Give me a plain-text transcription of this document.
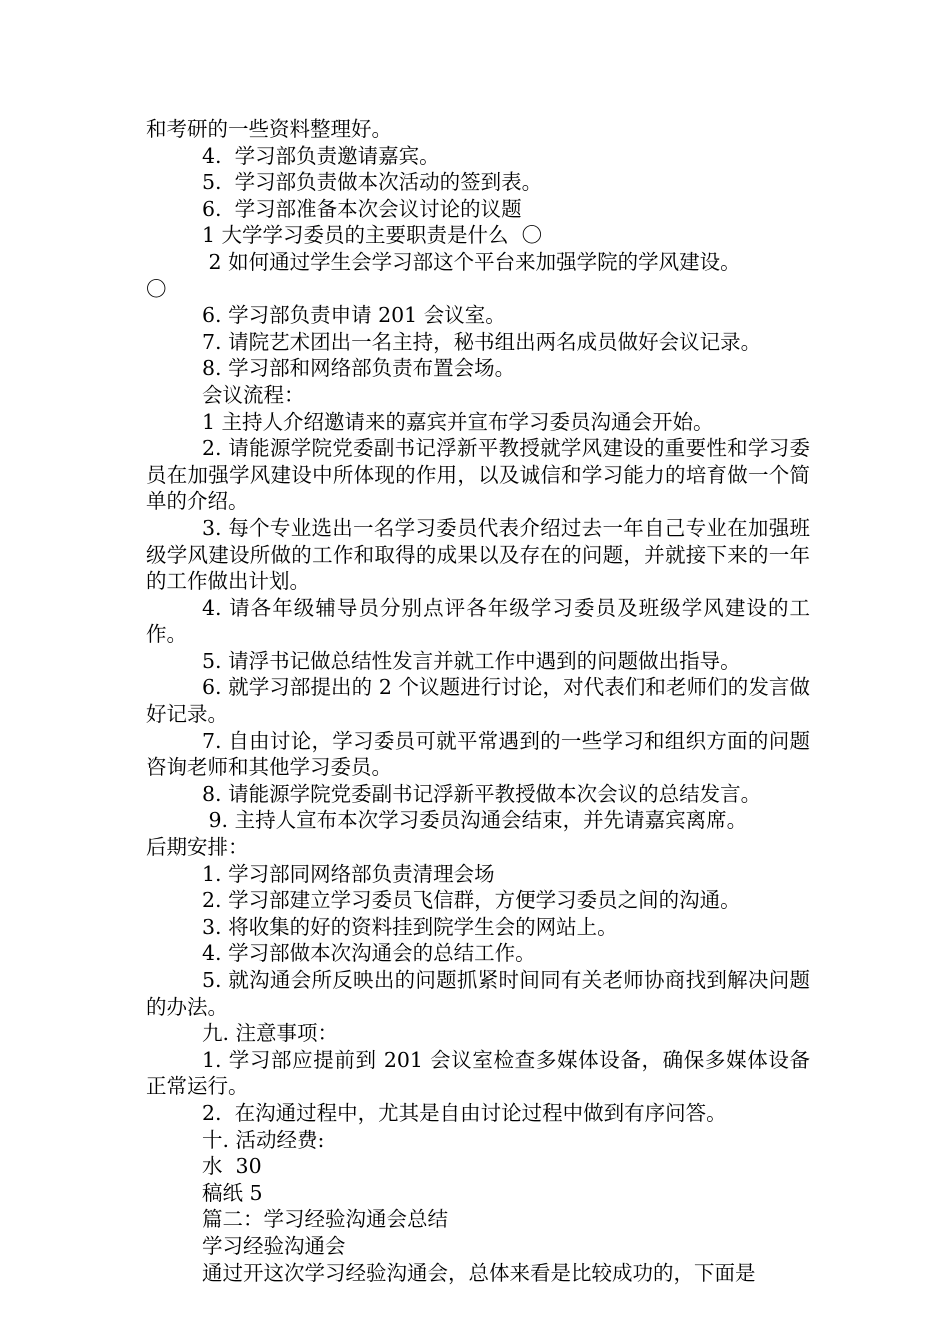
和考研的一些资料整理好。

4.  学习部负责邀请嘉宾。

5.  学习部负责做本次活动的签到表。

6.  学习部准备本次会议讨论的议题

1 大学学习委员的主要职责是什么  〇

2 如何通过学生会学习部这个平台来加强学院的学风建设。

〇

6. 学习部负责申请 201 会议室。

7. 请院艺术团出一名主持，秘书组出两名成员做好会议记录。

8. 学习部和网络部负责布置会场。

会议流程：

1 主持人介绍邀请来的嘉宾并宣布学习委员沟通会开始。

2. 请能源学院党委副书记浮新平教授就学风建设的重要性和学习委员在加强学风建设中所体现的作用，以及诚信和学习能力的培育做一个简单的介绍。

3. 每个专业选出一名学习委员代表介绍过去一年自己专业在加强班级学风建设所做的工作和取得的成果以及存在的问题，并就接下来的一年的工作做出计划。

4. 请各年级辅导员分别点评各年级学习委员及班级学风建设的工作。

5. 请浮书记做总结性发言并就工作中遇到的问题做出指导。

6. 就学习部提出的 2 个议题进行讨论，对代表们和老师们的发言做好记录。

7. 自由讨论，学习委员可就平常遇到的一些学习和组织方面的问题咨询老师和其他学习委员。

8. 请能源学院党委副书记浮新平教授做本次会议的总结发言。

9. 主持人宣布本次学习委员沟通会结束，并先请嘉宾离席。

后期安排：

1. 学习部同网络部负责清理会场

2. 学习部建立学习委员飞信群，方便学习委员之间的沟通。

3. 将收集的好的资料挂到院学生会的网站上。

4. 学习部做本次沟通会的总结工作。

5. 就沟通会所反映出的问题抓紧时间同有关老师协商找到解决问题的办法。

九. 注意事项：

1. 学习部应提前到 201 会议室检查多媒体设备，确保多媒体设备正常运行。

2.  在沟通过程中，尤其是自由讨论过程中做到有序问答。

十. 活动经费:

水  30

稿纸 5

篇二：学习经验沟通会总结

学习经验沟通会

通过开这次学习经验沟通会，总体来看是比较成功的，下面是
